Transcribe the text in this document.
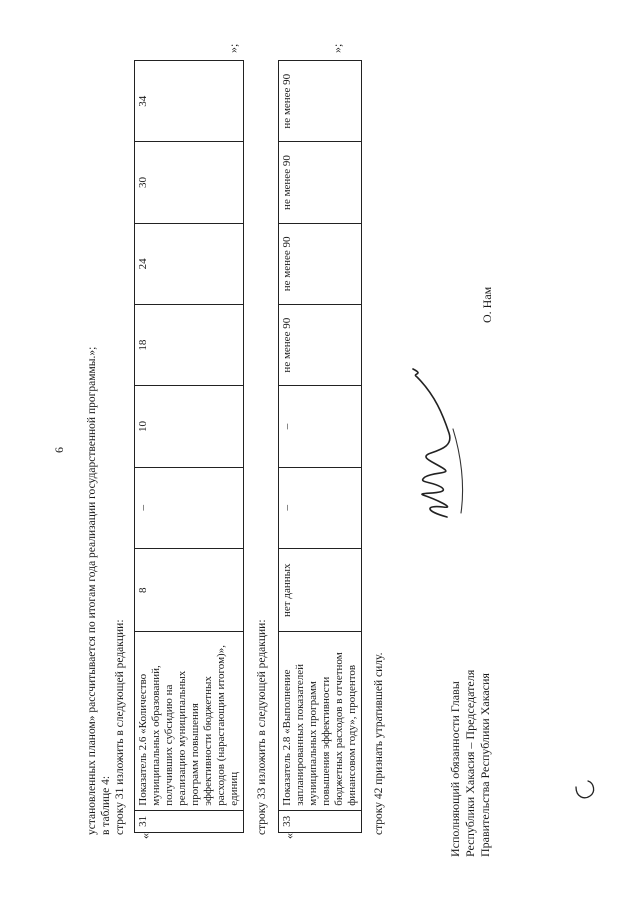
6 установленных планом» рассчитывается по итогам года реализации государственной программы.»; в таблице 4: строку 31 изложить в следующей редакции:
«
31	Показатель 2.6 «Количество муниципальных образований, получивших субсидию на реализацию муниципальных программ повышения эффективности бюджетных расходов (нарастающим итогом)», единиц	8	–	10	18	24	30	34
»;
строку 33 изложить в следующей редакции:
«
33	Показатель 2.8 «Выполнение запланированных показателей муниципальных программ повышения эффективности бюджетных расходов в отчетном финансовом году», процентов	нет данных	–	–	не менее 90	не менее 90	не менее 90	не менее 90
»;
строку 42 признать утратившей силу.	Исполняющий обязанности Главы Республики Хакасия – Председателя Правительства Республики Хакасия
О. Нам
